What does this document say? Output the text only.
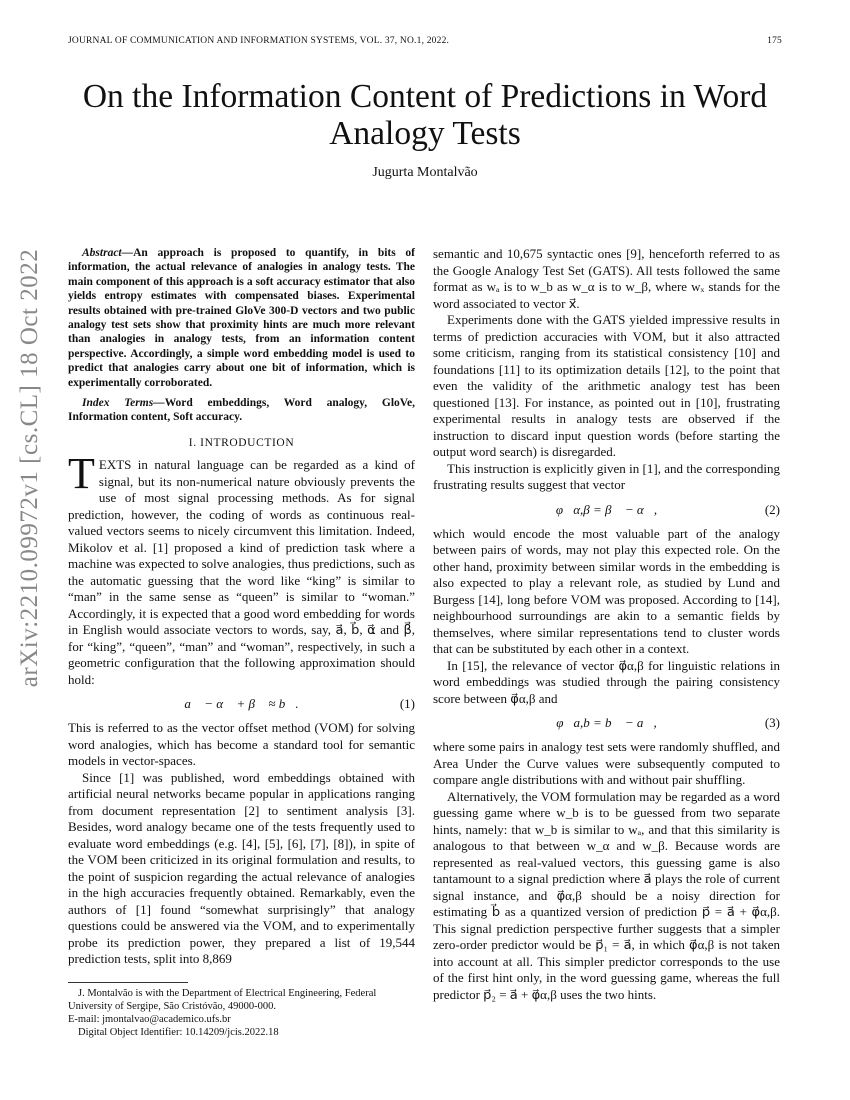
JOURNAL OF COMMUNICATION AND INFORMATION SYSTEMS, VOL. 37, NO.1, 2022.	175
arXiv:2210.09972v1 [cs.CL] 18 Oct 2022
On the Information Content of Predictions in Word Analogy Tests
Jugurta Montalvão

Abstract—An approach is proposed to quantify, in bits of information, the actual relevance of analogies in analogy tests. The main component of this approach is a soft accuracy estimator that also yields entropy estimates with compensated biases. Experimental results obtained with pre-trained GloVe 300-D vectors and two public analogy test sets show that proximity hints are much more relevant than analogies in analogy tests, from an information content perspective. Accordingly, a simple word embedding model is used to predict that analogies carry about one bit of information, which is experimentally corroborated.

Index Terms—Word embeddings, Word analogy, GloVe, Information content, Soft accuracy.

I. INTRODUCTION

TEXTS in natural language can be regarded as a kind of signal, but its non-numerical nature obviously prevents the use of most signal processing methods. As for signal prediction, however, the coding of words as continuous real-valued vectors seems to nicely circumvent this limitation. Indeed, Mikolov et al. [1] proposed a kind of prediction task where a machine was expected to solve analogies, thus predictions, such as the automatic guessing that the word like “king” is similar to “man” in the same sense as “queen” is similar to “woman.” Accordingly, it is expected that a good word embedding for words in English would associate vectors to words, say, a⃗, b⃗, α⃗ and β⃗, for “king”, “queen”, “man” and “woman”, respectively, in such a geometric configuration that the following approximation should hold:

a⃗ − α⃗ + β⃗ ≈ b⃗.	(1)

This is referred to as the vector offset method (VOM) for solving word analogies, which has become a standard tool for semantic models in vector-spaces.

Since [1] was published, word embeddings obtained with artificial neural networks became popular in applications ranging from document representation [2] to sentiment analysis [3]. Besides, word analogy became one of the tests frequently used to evaluate word embeddings (e.g. [4], [5], [6], [7], [8]), in spite of the VOM been criticized in its original formulation and results, to the point of suspicion regarding the actual relevance of analogies in the high accuracies frequently obtained. Remarkably, even the authors of [1] found “somewhat surprisingly” that analogy questions could be answered via the VOM, and to experimentally probe its prediction power, they prepared a list of 19,544 prediction tests, split into 8,869

J. Montalvão is with the Department of Electrical Engineering, Federal University of Sergipe, São Cristóvão, 49000-000.
E-mail: jmontalvao@academico.ufs.br
Digital Object Identifier: 10.14209/jcis.2022.18

semantic and 10,675 syntactic ones [9], henceforth referred to as the Google Analogy Test Set (GATS). All tests followed the same format as wₐ is to w_b as w_α is to w_β, where wₓ stands for the word associated to vector x⃗.

Experiments done with the GATS yielded impressive results in terms of prediction accuracies with VOM, but it also attracted some criticism, ranging from its statistical consistency [10] and foundations [11] to its optimization details [12], to the point that even the validity of the arithmetic analogy test has been questioned [13]. For instance, as pointed out in [10], frustrating experimental results in analogy tests are observed if the instruction to discard input question words (before starting the output word search) is disregarded.

This instruction is explicitly given in [1], and the corresponding frustrating results suggest that vector

φ⃗α,β = β⃗ − α⃗,	(2)

which would encode the most valuable part of the analogy between pairs of words, may not play this expected role. On the other hand, proximity between similar words in the embedding is also expected to play a relevant role, as studied by Lund and Burgess [14], long before VOM was proposed. According to [14], neighbourhood surroundings are akin to a semantic fields by themselves, where similar representations tend to cluster words that can be substituted by each other in a context.

In [15], the relevance of vector φ⃗α,β for linguistic relations in word embeddings was studied through the pairing consistency score between φ⃗α,β and

φ⃗a,b = b⃗ − a⃗,	(3)

where some pairs in analogy test sets were randomly shuffled, and Area Under the Curve values were subsequently computed to compare angle distributions with and without pair shuffling.

Alternatively, the VOM formulation may be regarded as a word guessing game where w_b is to be guessed from two separate hints, namely: that w_b is similar to wₐ, and that this similarity is analogous to that between w_α and w_β. Because words are represented as real-valued vectors, this guessing game is also tantamount to a signal prediction where a⃗ plays the role of current signal instance, and φ⃗α,β should be a noisy direction for estimating b⃗ as a quantized version of prediction p⃗ = a⃗ + φ⃗α,β. This signal prediction perspective further suggests that a simpler zero-order predictor would be p⃗₁ = a⃗, in which φ⃗α,β is not taken into account at all. This simpler predictor corresponds to the use of the first hint only, in the word guessing game, whereas the full predictor p⃗₂ = a⃗ + φ⃗α,β uses the two hints.
